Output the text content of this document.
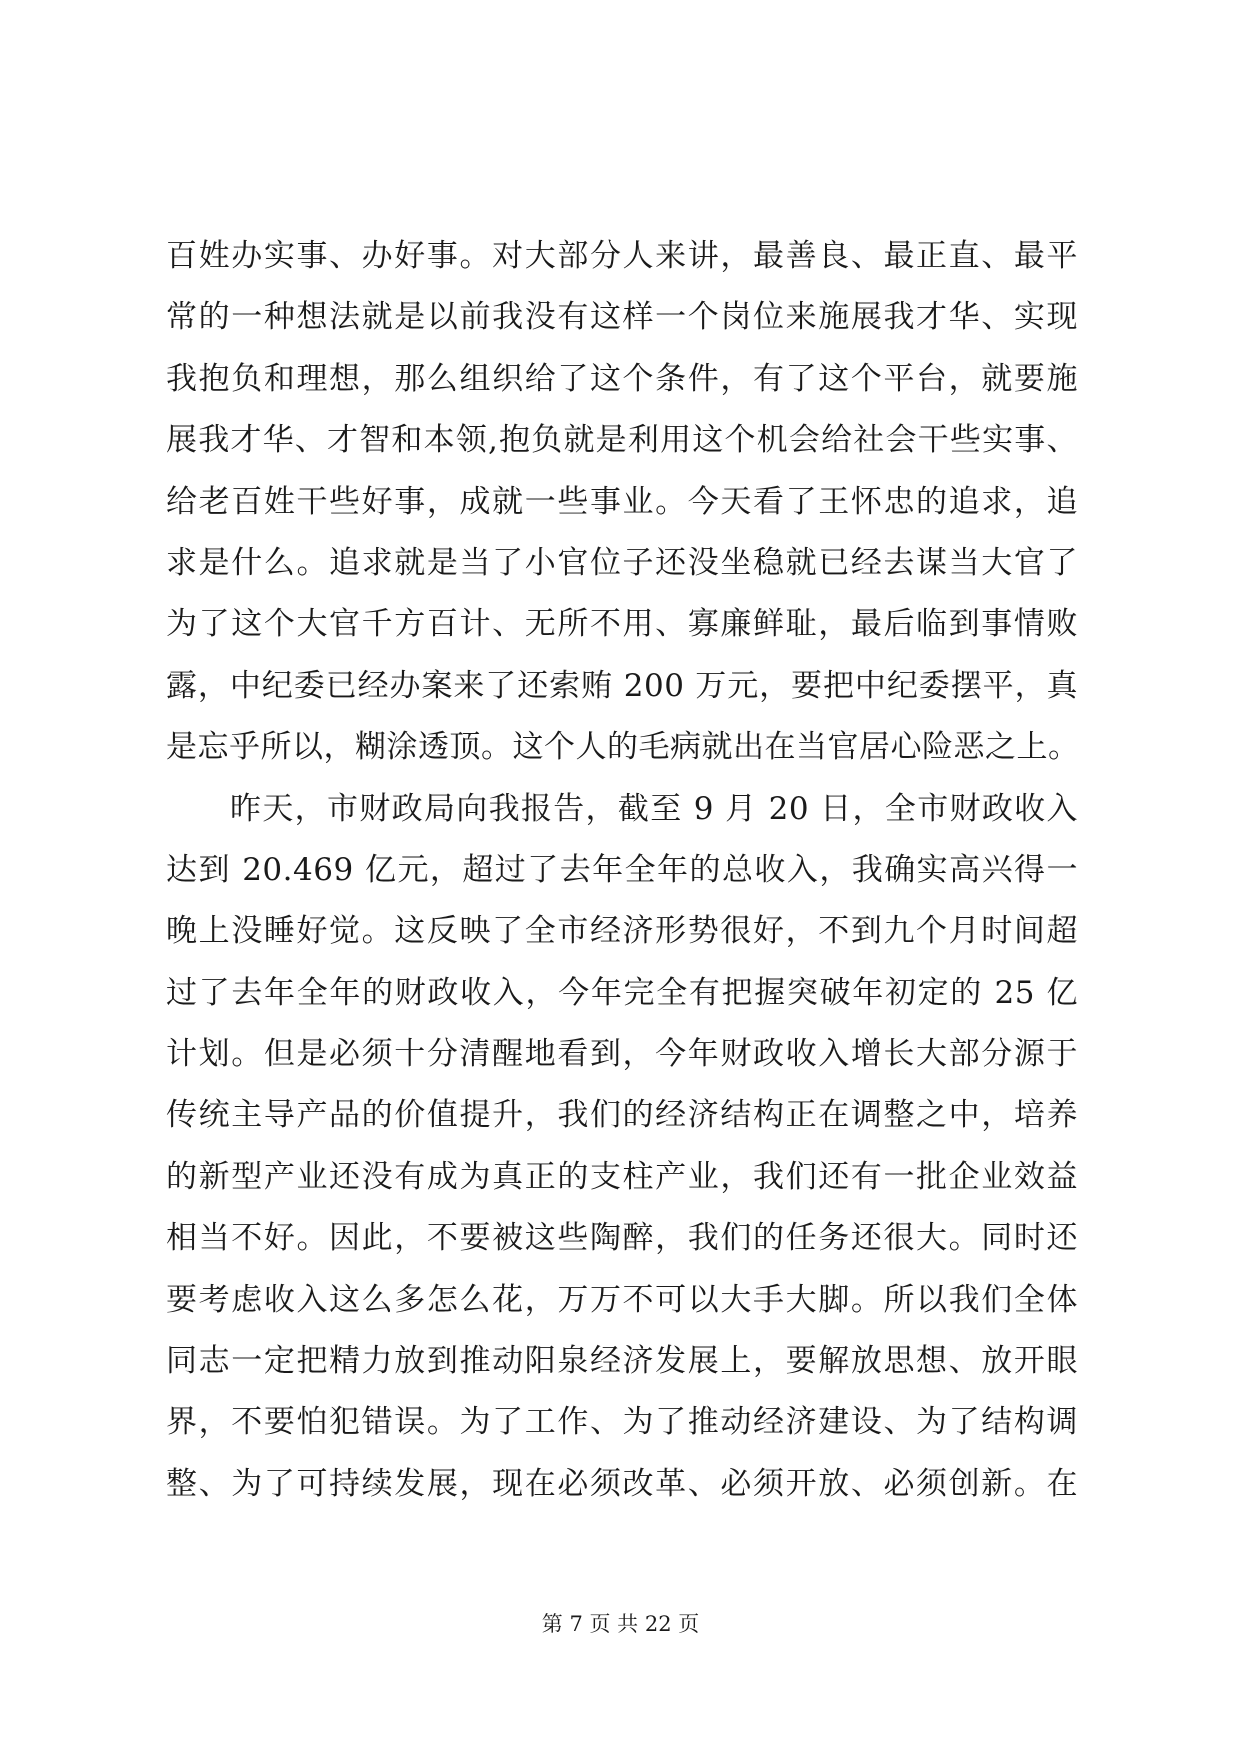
百姓办实事、办好事。对大部分人来讲，最善良、最正直、最平
常的一种想法就是以前我没有这样一个岗位来施展我才华、实现
我抱负和理想，那么组织给了这个条件，有了这个平台，就要施
展我才华、才智和本领,抱负就是利用这个机会给社会干些实事、
给老百姓干些好事，成就一些事业。今天看了王怀忠的追求，追
求是什么。追求就是当了小官位子还没坐稳就已经去谋当大官了
为了这个大官千方百计、无所不用、寡廉鲜耻，最后临到事情败
露，中纪委已经办案来了还索贿 200 万元，要把中纪委摆平，真
是忘乎所以，糊涂透顶。这个人的毛病就出在当官居心险恶之上。
昨天，市财政局向我报告，截至 9 月 20 日，全市财政收入
达到 20.469 亿元，超过了去年全年的总收入，我确实高兴得一
晚上没睡好觉。这反映了全市经济形势很好，不到九个月时间超
过了去年全年的财政收入，今年完全有把握突破年初定的 25 亿
计划。但是必须十分清醒地看到，今年财政收入增长大部分源于
传统主导产品的价值提升，我们的经济结构正在调整之中，培养
的新型产业还没有成为真正的支柱产业，我们还有一批企业效益
相当不好。因此，不要被这些陶醉，我们的任务还很大。同时还
要考虑收入这么多怎么花，万万不可以大手大脚。所以我们全体
同志一定把精力放到推动阳泉经济发展上，要解放思想、放开眼
界，不要怕犯错误。为了工作、为了推动经济建设、为了结构调
整、为了可持续发展，现在必须改革、必须开放、必须创新。在
第 7 页 共 22 页
